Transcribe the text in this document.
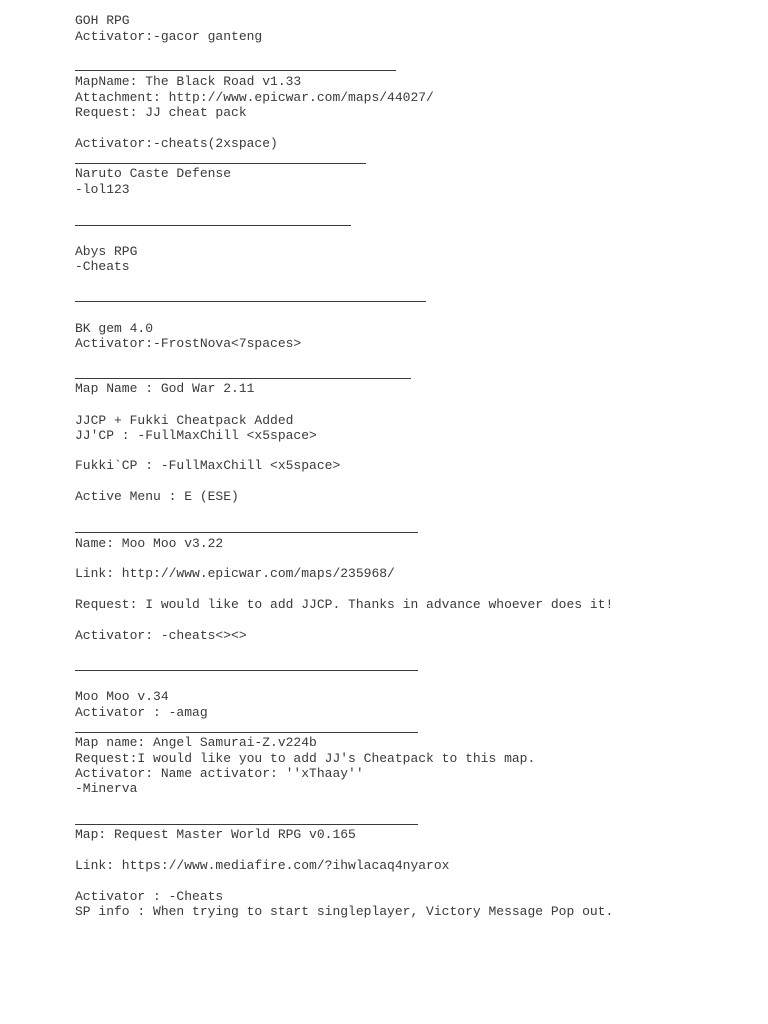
GOH RPG
Activator:-gacor ganteng
MapName: The Black Road v1.33
Attachment: http://www.epicwar.com/maps/44027/
Request: JJ cheat pack
Activator:-cheats(2xspace)
Naruto Caste Defense
-lol123
Abys RPG
-Cheats
BK gem 4.0
Activator:-FrostNova<7spaces>
Map Name : God War 2.11
JJCP + Fukki Cheatpack Added
JJ'CP : -FullMaxChill <x5space>
Fukki`CP : -FullMaxChill <x5space>
Active Menu : E (ESE)
Name: Moo Moo v3.22
Link: http://www.epicwar.com/maps/235968/
Request: I would like to add JJCP. Thanks in advance whoever does it!
Activator: -cheats<><>
Moo Moo v.34
Activator : -amag
Map name: Angel Samurai-Z.v224b
Request:I would like you to add JJ's Cheatpack to this map.
Activator: Name activator: ''xThaay''
-Minerva
Map: Request Master World RPG v0.165
Link: https://www.mediafire.com/?ihwlacaq4nyarox
Activator : -Cheats
SP info : When trying to start singleplayer, Victory Message Pop out.
